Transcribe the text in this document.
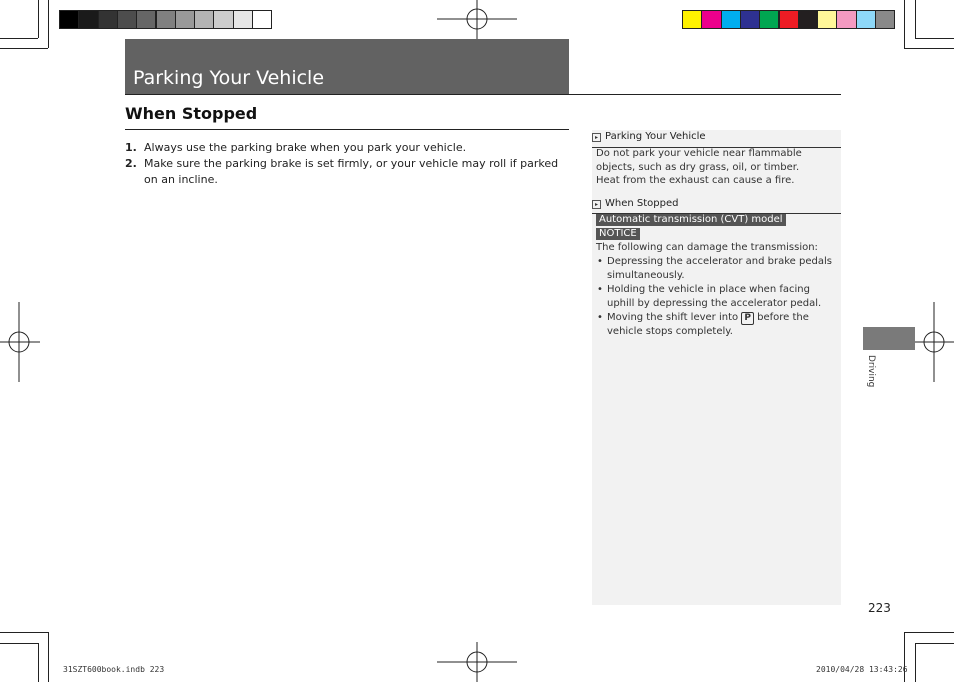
Parking Your Vehicle
When Stopped
1. Always use the parking brake when you park your vehicle.
2. Make sure the parking brake is set firmly, or your vehicle may roll if parked on an incline.
▸ Parking Your Vehicle
Do not park your vehicle near flammable objects, such as dry grass, oil, or timber.
Heat from the exhaust can cause a fire.
▸ When Stopped
Automatic transmission (CVT) model
NOTICE
The following can damage the transmission:
• Depressing the accelerator and brake pedals simultaneously.
• Holding the vehicle in place when facing uphill by depressing the accelerator pedal.
• Moving the shift lever into P before the vehicle stops completely.
Driving
223
31SZT600book.indb 223	2010/04/28 13:43:26
